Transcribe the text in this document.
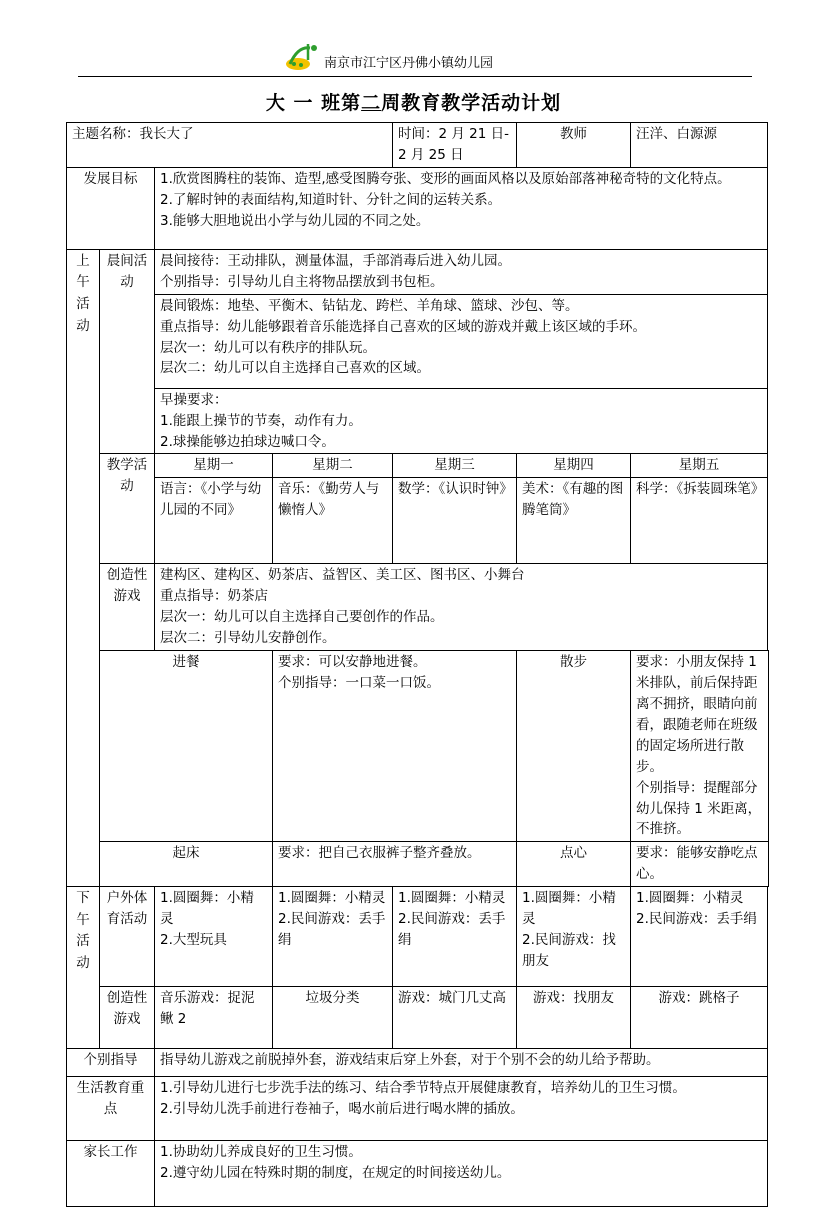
南京市江宁区丹佛小镇幼儿园
大 一 班第二周教育教学活动计划
主题名称：我长大了				时间：2 月 21 日-2 月 25 日	教师	汪洋、白源源
发展目标		1.欣赏图腾柱的装饰、造型,感受图腾夸张、变形的画面风格以及原始部落神秘奇特的文化特点。
2.了解时钟的表面结构,知道时针、分针之间的运转关系。
3.能够大胆地说出小学与幼儿园的不同之处。				

上午活动	晨间活动	晨间接待：王动排队，测量体温，手部消毒后进入幼儿园。
个别指导：引导幼儿自主将物品摆放到书包柜。				

		晨间锻炼：地垫、平衡木、钻钻龙、跨栏、羊角球、篮球、沙包、等。
重点指导：幼儿能够跟着音乐能选择自己喜欢的区域的游戏并戴上该区域的手环。
层次一：幼儿可以有秩序的排队玩。
层次二：幼儿可以自主选择自己喜欢的区域。				

		早操要求：
1.能跟上操节的节奏，动作有力。
2.球操能够边拍球边喊口令。				

	教学活动	星期一	星期二	星期三	星期四	星期五
		语言：《小学与幼儿园的不同》	音乐：《勤劳人与懒惰人》	数学：《认识时钟》	美术：《有趣的图腾笔筒》	科学：《拆装圆珠笔》
	创造性游戏	建构区、建构区、奶茶店、益智区、美工区、图书区、小舞台
重点指导：奶茶店
层次一：幼儿可以自主选择自己要创作的作品。
层次二：引导幼儿安静创作。				

	进餐		要求：可以安静地进餐。
个别指导：一口菜一口饭。		散步	要求：小朋友保持 1 米排队，前后保持距离不拥挤，眼睛向前看，跟随老师在班级的固定场所进行散步。
个别指导：提醒部分幼儿保持 1 米距离，不推挤。

	起床		要求：把自己衣服裤子整齐叠放。		点心	要求：能够安静吃点心。
下午活动	户外体育活动	1.圆圈舞：小精灵
2.大型玩具	1.圆圈舞：小精灵
2.民间游戏：丢手绢	1.圆圈舞：小精灵
2.民间游戏：丢手绢	1.圆圈舞：小精灵
2.民间游戏：找朋友	1.圆圈舞：小精灵
2.民间游戏：丢手绢

	创造性游戏	音乐游戏：捉泥鳅 2	垃圾分类	游戏：城门几丈高	游戏：找朋友	游戏：跳格子
个别指导		指导幼儿游戏之前脱掉外套，游戏结束后穿上外套，对于个别不会的幼儿给予帮助。				
生活教育重 点		1.引导幼儿进行七步洗手法的练习、结合季节特点开展健康教育，培养幼儿的卫生习惯。
2.引导幼儿洗手前进行卷袖子，喝水前后进行喝水牌的插放。				

家长工作		1.协助幼儿养成良好的卫生习惯。
2.遵守幼儿园在特殊时期的制度，在规定的时间接送幼儿。				
